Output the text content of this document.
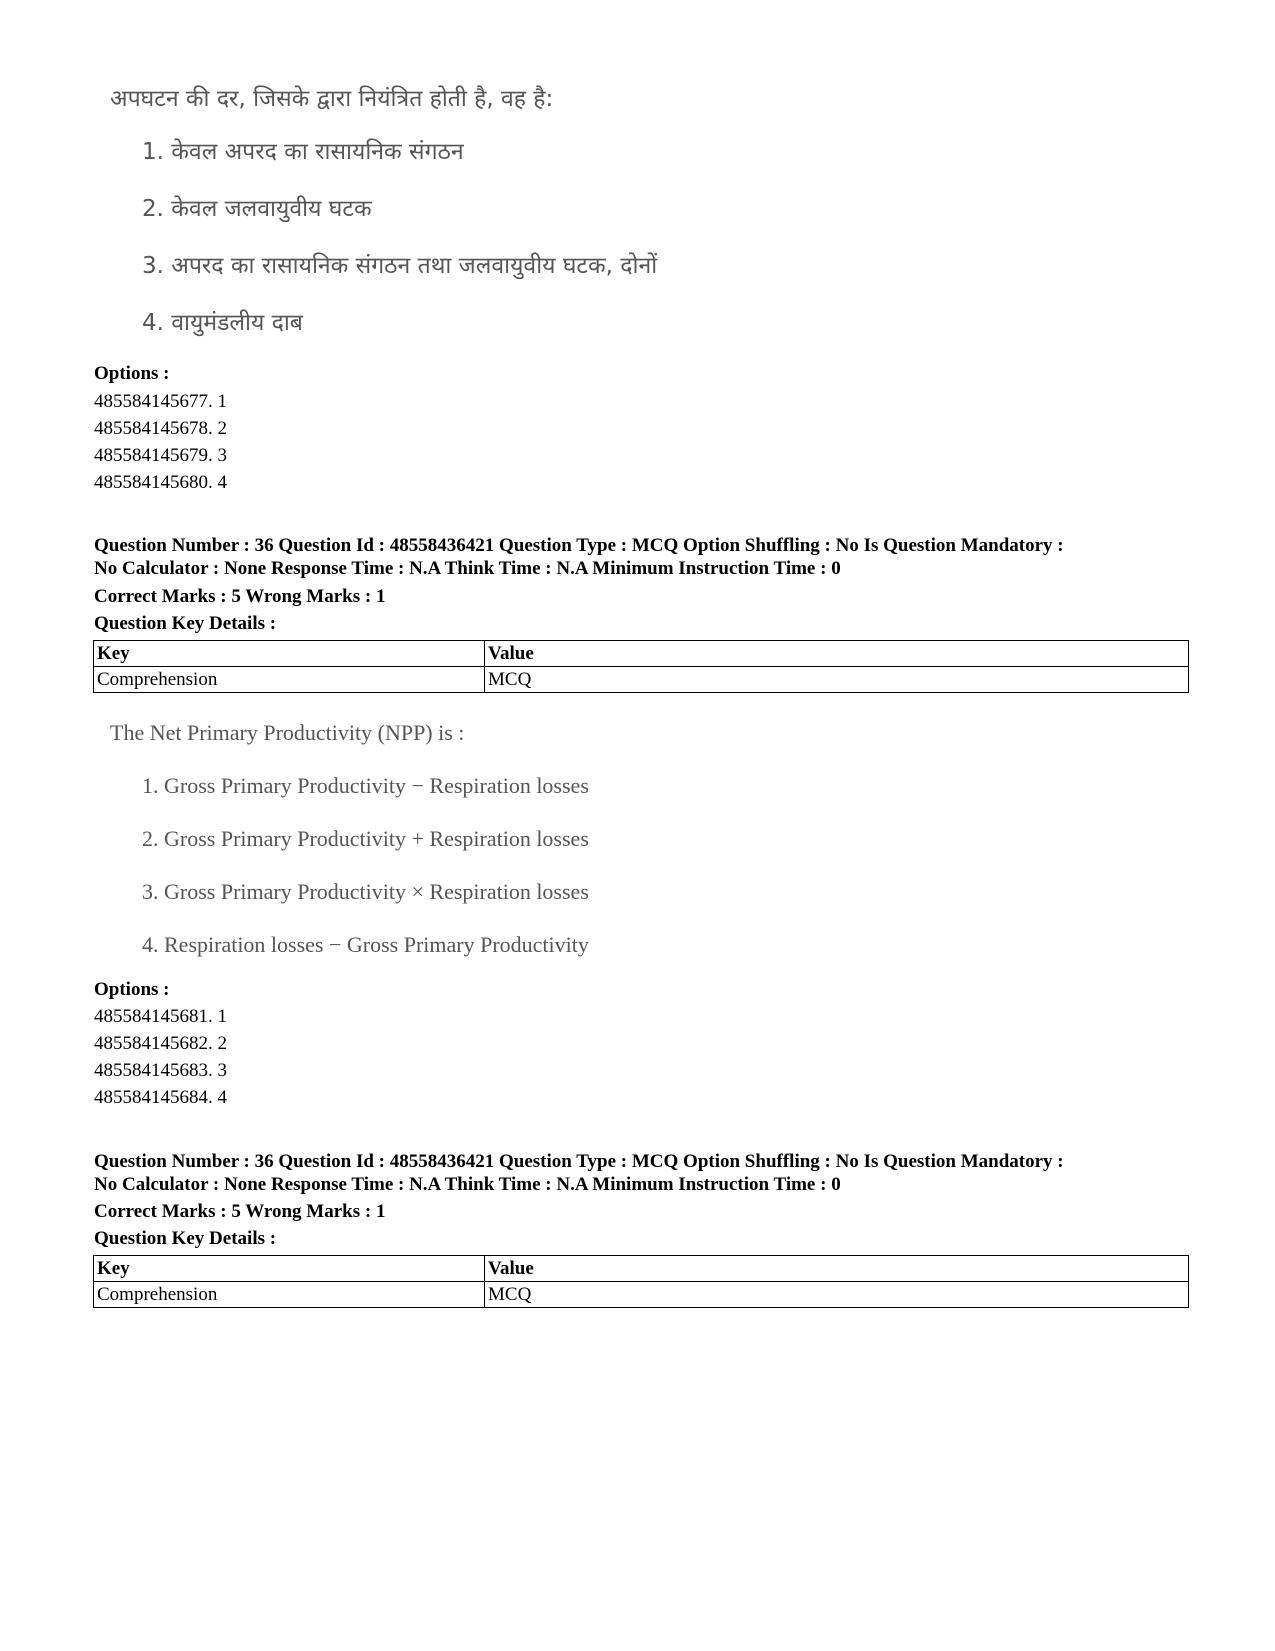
अपघटन की दर, जिसके द्वारा नियंत्रित होती है, वह है:
1. केवल अपरद का रासायनिक संगठन
2. केवल जलवायुवीय घटक
3. अपरद का रासायनिक संगठन तथा जलवायुवीय घटक, दोनों
4. वायुमंडलीय दाब
Options :
485584145677. 1
485584145678. 2
485584145679. 3
485584145680. 4
Question Number : 36 Question Id : 48558436421 Question Type : MCQ Option Shuffling : No Is Question Mandatory :
No Calculator : None Response Time : N.A Think Time : N.A Minimum Instruction Time : 0
Correct Marks : 5 Wrong Marks : 1
Question Key Details :
Key	Value
Comprehension	MCQ
The Net Primary Productivity (NPP) is :
1. Gross Primary Productivity − Respiration losses
2. Gross Primary Productivity + Respiration losses
3. Gross Primary Productivity × Respiration losses
4. Respiration losses − Gross Primary Productivity
Options :
485584145681. 1
485584145682. 2
485584145683. 3
485584145684. 4
Question Number : 36 Question Id : 48558436421 Question Type : MCQ Option Shuffling : No Is Question Mandatory :
No Calculator : None Response Time : N.A Think Time : N.A Minimum Instruction Time : 0
Correct Marks : 5 Wrong Marks : 1
Question Key Details :
Key	Value
Comprehension	MCQ
